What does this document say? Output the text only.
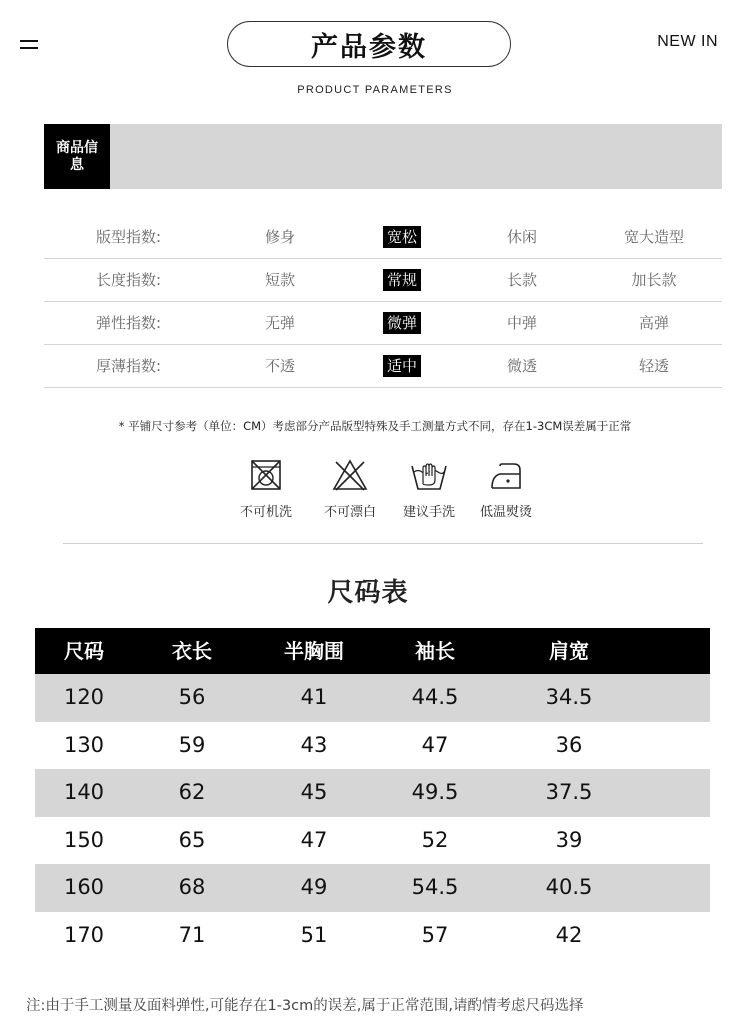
产品参数	NEW IN
PRODUCT PARAMETERS
商品信息
版型指数:	修身	宽松	休闲	宽大造型
长度指数:	短款	常规	长款	加长款
弹性指数:	无弹	微弹	中弹	高弹
厚薄指数:	不透	适中	微透	轻透
* 平铺尺寸参考（单位：CM）考虑部分产品版型特殊及手工测量方式不同，存在1-3CM误差属于正常
不可机洗	不可漂白	建议手洗	低温熨烫
尺码表
尺码	衣长	半胸围	袖长	肩宽
120	56	41	44.5	34.5
130	59	43	47	36
140	62	45	49.5	37.5
150	65	47	52	39
160	68	49	54.5	40.5
170	71	51	57	42
注:由于手工测量及面料弹性,可能存在1-3cm的误差,属于正常范围,请酌情考虑尺码选择
